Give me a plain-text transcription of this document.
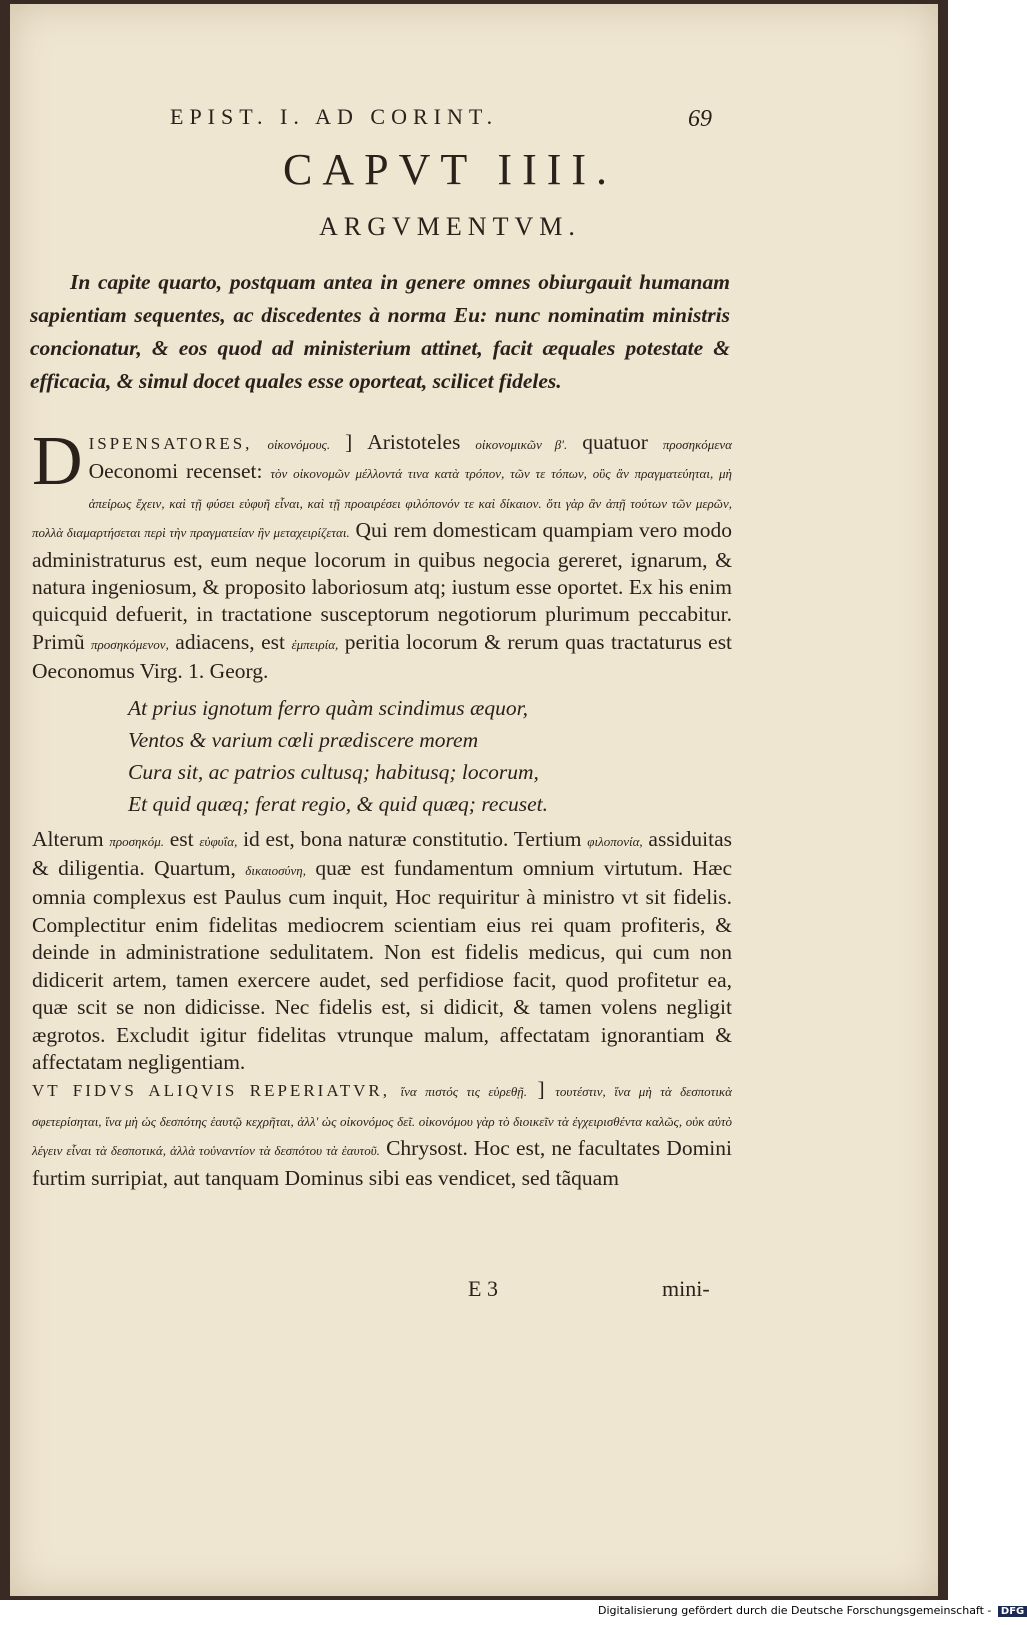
EPIST. I. AD CORINT.	69
CAPVT IIII.
ARGVMENTVM.

In capite quarto, postquam antea in genere omnes obiurgauit humanam sapientiam sequentes, ac discedentes à norma Eu: nunc nominatim ministris concionatur, & eos quod ad ministerium attinet, facit æquales potestate & efficacia, & simul docet quales esse oporteat, scilicet fideles.

D ISPENSATORES, οἰκονόμους. ] Aristoteles οἰκονομικῶν β'. quatuor προσηκόμενα Oeconomi recenset: τὸν οἰκονομῶν μέλλοντά τινα κατὰ τρόπον, τῶν τε τόπων, οὓς ἂν πραγματεύηται, μὴ ἀπείρως ἔχειν, καὶ τῇ φύσει εὐφυῆ εἶναι, καὶ τῇ προαιρέσει φιλόπονόν τε καὶ δίκαιον. ὅτι γὰρ ἂν ἀπῇ τούτων τῶν μερῶν, πολλὰ διαμαρτήσεται περὶ τὴν πραγματείαν ἣν μεταχειρίζεται. Qui rem domesticam quampiam vero modo administraturus est, eum neque locorum in quibus negocia gereret, ignarum, & natura ingeniosum, & proposito laboriosum atq; iustum esse oportet. Ex his enim quicquid defuerit, in tractatione susceptorum negotiorum plurimum peccabitur. Primũ προσηκόμενον, adiacens, est ἐμπειρία, peritia locorum & rerum quas tractaturus est Oeconomus Virg. 1. Georg.

At prius ignotum ferro quàm scindimus æquor,
Ventos & varium cœli prædiscere morem
Cura sit, ac patrios cultusq; habitusq; locorum,
Et quid quæq; ferat regio, & quid quæq; recuset.

Alterum προσηκόμ. est εὐφυΐα, id est, bona naturæ constitutio. Tertium φιλοπονία, assiduitas & diligentia. Quartum, δικαιοσύνη, quæ est fundamentum omnium virtutum. Hæc omnia complexus est Paulus cum inquit, Hoc requiritur à ministro vt sit fidelis. Complectitur enim fidelitas mediocrem scientiam eius rei quam profiteris, & deinde in administratione sedulitatem. Non est fidelis medicus, qui cum non didicerit artem, tamen exercere audet, sed perfidiose facit, quod profitetur ea, quæ scit se non didicisse. Nec fidelis est, si didicit, & tamen volens negligit ægrotos. Excludit igitur fidelitas vtrunque malum, affectatam ignorantiam & affectatam negligentiam.

VT FIDVS ALIQVIS REPERIATVR, ἵνα πιστός τις εὑρεθῇ. ] τουτέστιν, ἵνα μὴ τὰ δεσποτικὰ σφετερίσηται, ἵνα μὴ ὡς δεσπότης ἑαυτῷ κεχρῆται, ἀλλ' ὡς οἰκονόμος δεῖ. οἰκονόμου γὰρ τὸ διοικεῖν τὰ ἐγχειρισθέντα καλῶς, οὐκ αὐτὸ λέγειν εἶναι τὰ δεσποτικά, ἀλλὰ τοὐναντίον τὰ δεσπότου τὰ ἑαυτοῦ. Chrysost. Hoc est, ne facultates Domini furtim surripiat, aut tanquam Dominus sibi eas vendicet, sed tãquam

E 3	mini-
Digitalisierung gefördert durch die Deutsche Forschungsgemeinschaft - DFG
